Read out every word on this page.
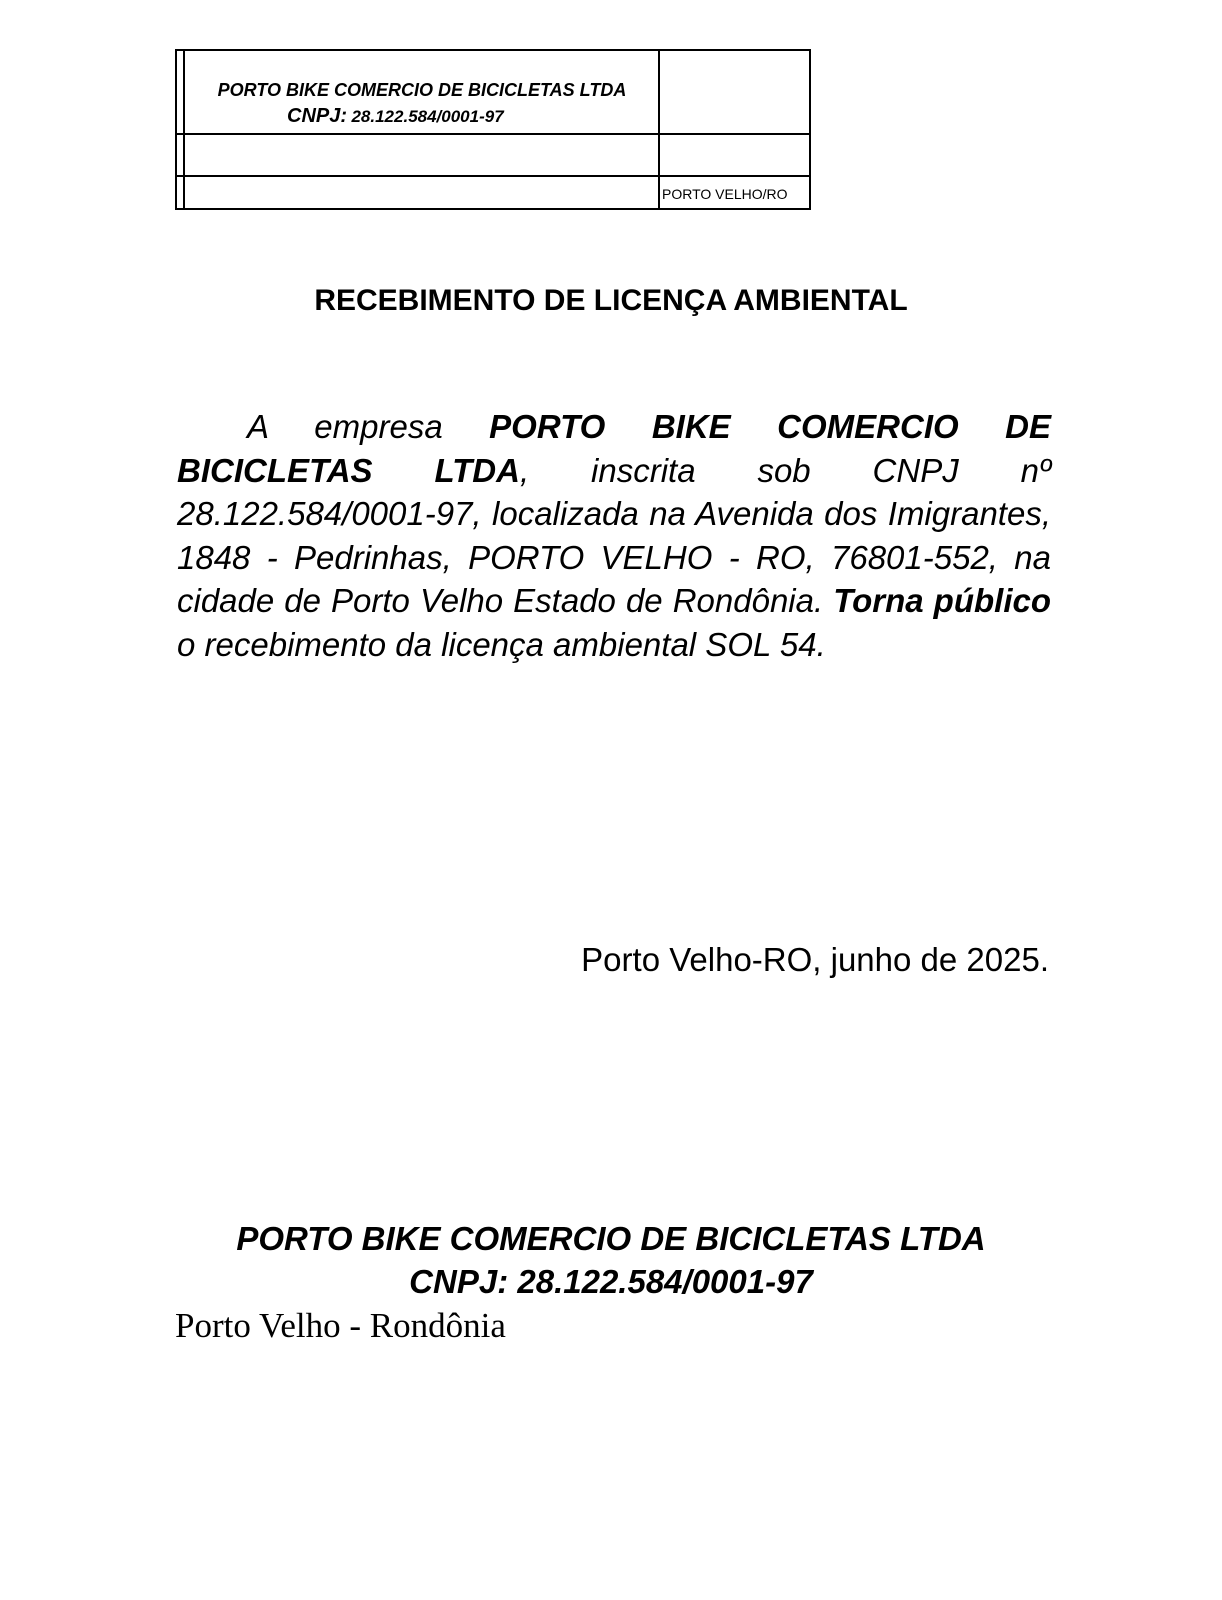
PORTO BIKE COMERCIO DE BICICLETAS LTDA
CNPJ: 28.122.584/0001-97
PORTO VELHO/RO
RECEBIMENTO DE LICENÇA AMBIENTAL

A empresa PORTO BIKE COMERCIO DE BICICLETAS LTDA, inscrita sob CNPJ nº 28.122.584/0001-97, localizada na Avenida dos Imigrantes, 1848 - Pedrinhas, PORTO VELHO - RO, 76801-552, na cidade de Porto Velho Estado de Rondônia. Torna público o recebimento da licença ambiental SOL 54.

Porto Velho-RO, junho de 2025.
PORTO BIKE COMERCIO DE BICICLETAS LTDA
CNPJ: 28.122.584/0001-97
Porto Velho - Rondônia
